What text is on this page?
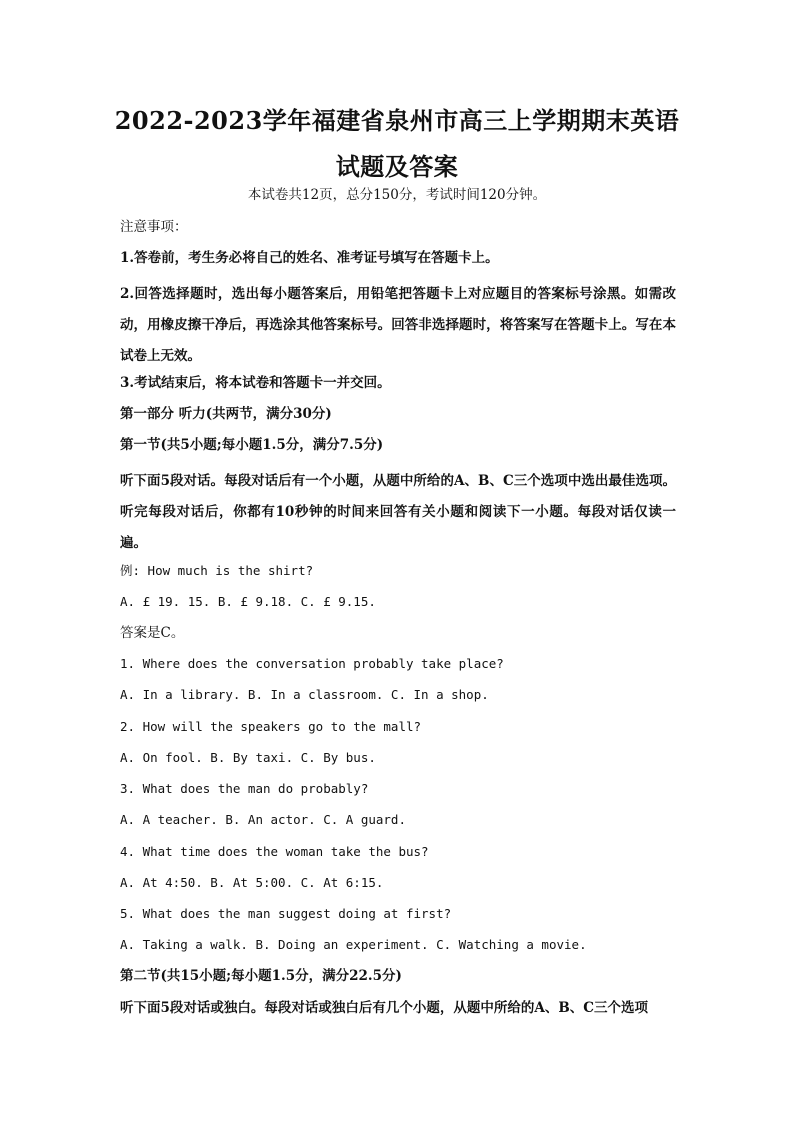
2022-2023学年福建省泉州市高三上学期期末英语试题及答案
本试卷共12页，总分150分，考试时间120分钟。
注意事项：
1.答卷前，考生务必将自己的姓名、准考证号填写在答题卡上。
2.回答选择题时，选出每小题答案后，用铅笔把答题卡上对应题目的答案标号涂黑。如需改动，用橡皮擦干净后，再选涂其他答案标号。回答非选择题时，将答案写在答题卡上。写在本试卷上无效。
3.考试结束后，将本试卷和答题卡一并交回。
第一部分 听力(共两节，满分30分)
第一节(共5小题;每小题1.5分，满分7.5分)
听下面5段对话。每段对话后有一个小题，从题中所给的A、B、C三个选项中选出最佳选项。听完每段对话后，你都有10秒钟的时间来回答有关小题和阅读下一小题。每段对话仅读一遍。
例: How much is the shirt?
A. £ 19. 15. B. £ 9.18. C. £ 9.15.
答案是C。
1. Where does the conversation probably take place?
A. In a library. B. In a classroom. C. In a shop.
2. How will the speakers go to the mall?
A. On fool. B. By taxi. C. By bus.
3. What does the man do probably?
A. A teacher. B. An actor. C. A guard.
4. What time does the woman take the bus?
A. At 4:50. B. At 5:00. C. At 6:15.
5. What does the man suggest doing at first?
A. Taking a walk. B. Doing an experiment. C. Watching a movie.
第二节(共15小题;每小题1.5分，满分22.5分)
听下面5段对话或独白。每段对话或独白后有几个小题，从题中所给的A、B、C三个选项
